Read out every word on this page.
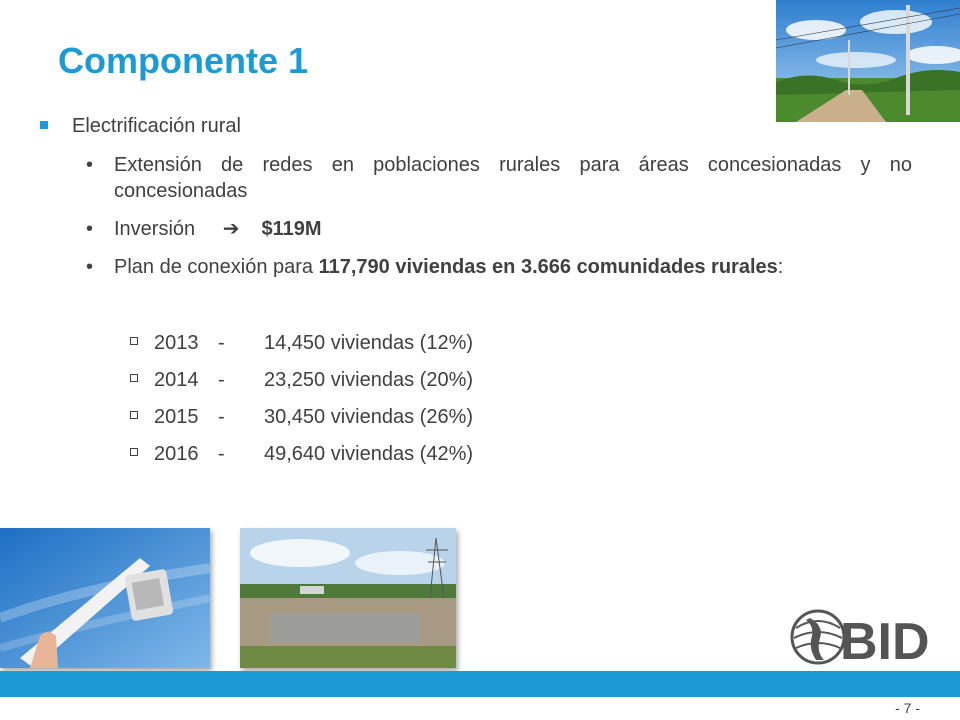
Componente 1
Electrificación rural
• Extensión de redes en poblaciones rurales para áreas concesionadas y no concesionadas
• Inversión ➔ $119M
• Plan de conexión para 117,790 viviendas en 3.666 comunidades rurales:
2013 - 14,450 viviendas (12%)
2014 - 23,250 viviendas (20%)
2015 - 30,450 viviendas (26%)
2016 - 49,640 viviendas (42%)
BID
- 7 -
